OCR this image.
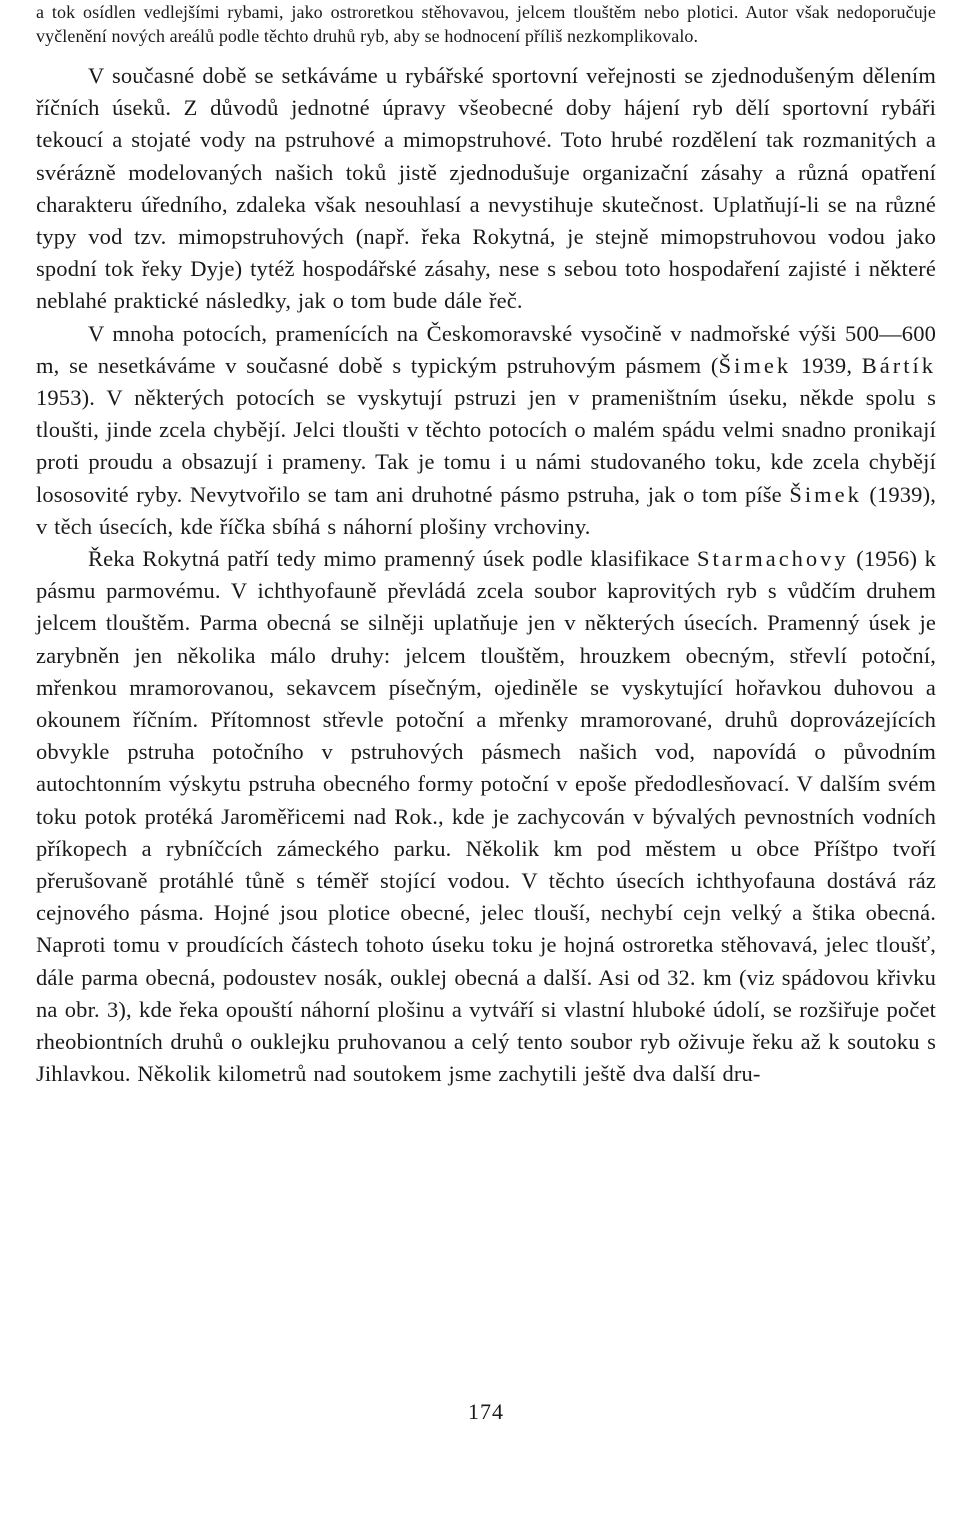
a tok osídlen vedlejšími rybami, jako ostroretkou stěhovavou, jelcem tlouštěm nebo plotici. Autor však nedoporučuje vyčlenění nových areálů podle těchto druhů ryb, aby se hodnocení příliš nezkomplikovalo.

V současné době se setkáváme u rybářské sportovní veřejnosti se zjednodušeným dělením říčních úseků. Z důvodů jednotné úpravy všeobecné doby hájení ryb dělí sportovní rybáři tekoucí a stojaté vody na pstruhové a mimopstruhové. Toto hrubé rozdělení tak rozmanitých a svérázně modelovaných našich toků jistě zjednodušuje organizační zásahy a různá opatření charakteru úředního, zdaleka však nesouhlasí a nevystihuje skutečnost. Uplatňují-li se na různé typy vod tzv. mimopstruhových (např. řeka Rokytná, je stejně mimopstruhovou vodou jako spodní tok řeky Dyje) tytéž hospodářské zásahy, nese s sebou toto hospodaření zajisté i některé neblahé praktické následky, jak o tom bude dále řeč.

V mnoha potocích, pramenících na Českomoravské vysočině v nadmořské výši 500—600 m, se nesetkáváme v současné době s typickým pstruhovým pásmem (Šimek 1939, Bártík 1953). V některých potocích se vyskytují pstruzi jen v prameništním úseku, někde spolu s tloušti, jinde zcela chybějí. Jelci tloušti v těchto potocích o malém spádu velmi snadno pronikají proti proudu a obsazují i prameny. Tak je tomu i u námi studovaného toku, kde zcela chybějí lososovité ryby. Nevytvořilo se tam ani druhotné pásmo pstruha, jak o tom píše Šimek (1939), v těch úsecích, kde říčka sbíhá s náhorní plošiny vrchoviny.

Řeka Rokytná patří tedy mimo pramenný úsek podle klasifikace Starmachovy (1956) k pásmu parmovému. V ichthyofauně převládá zcela soubor kaprovitých ryb s vůdčím druhem jelcem tlouštěm. Parma obecná se silněji uplatňuje jen v některých úsecích. Pramenný úsek je zarybněn jen několika málo druhy: jelcem tlouštěm, hrouzkem obecným, střevlí potoční, mřenkou mramorovanou, sekavcem písečným, ojediněle se vyskytující hořavkou duhovou a okounem říčním. Přítomnost střevle potoční a mřenky mramorované, druhů doprovázejících obvykle pstruha potočního v pstruhových pásmech našich vod, napovídá o původním autochtonním výskytu pstruha obecného formy potoční v epoše předodlesňovací. V dalším svém toku potok protéká Jaroměřicemi nad Rok., kde je zachycován v bývalých pevnostních vodních příkopech a rybníčcích zámeckého parku. Několik km pod městem u obce Příštpo tvoří přerušovaně protáhlé tůně s téměř stojící vodou. V těchto úsecích ichthyofauna dostává ráz cejnového pásma. Hojné jsou plotice obecné, jelec tlouší, nechybí cejn velký a štika obecná. Naproti tomu v proudících částech tohoto úseku toku je hojná ostroretka stěhovavá, jelec tloušť, dále parma obecná, podoustev nosák, ouklej obecná a další. Asi od 32. km (viz spádovou křivku na obr. 3), kde řeka opouští náhorní plošinu a vytváří si vlastní hluboké údolí, se rozšiřuje počet rheobiontních druhů o ouklejku pruhovanou a celý tento soubor ryb oživuje řeku až k soutoku s Jihlavkou. Několik kilometrů nad soutokem jsme zachytili ještě dva další dru-

174
